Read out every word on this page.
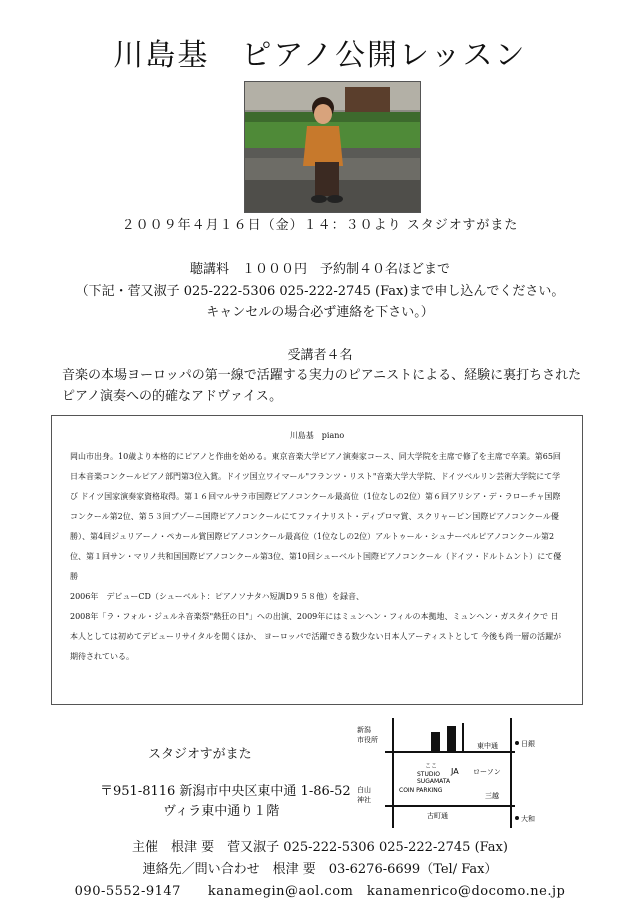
川島基　ピアノ公開レッスン
２００９年４月１６日（金）１４：３０より スタジオすがまた
聴講料　１０００円　予約制４０名ほどまで
（下記・菅又淑子 025-222-5306 025-222-2745 (Fax)まで申し込んでください。
キャンセルの場合必ず連絡を下さい。）
受講者４名
音楽の本場ヨーロッパの第一線で活躍する実力のピアニストによる、経験に裏打ちされたピアノ演奏への的確なアドヴァイス。
川島基　piano

岡山市出身。10歳より本格的にピアノと作曲を始める。東京音楽大学ピアノ演奏家コース、同大学院を主席で修了を主席で卒業。第65回日本音楽コンクールピアノ部門第3位入賞。ドイツ国立ワイマール"フランツ・リスト"音楽大学大学院、ドイツベルリン芸術大学院にて学び ドイツ国家演奏家資格取得。第１６回マルサラ市国際ピアノコンクール最高位（1位なしの2位）第６回アリシア・デ・ラローチャ国際コンクール第2位、第５３回ブゾーニ国際ピアノコンクールにてファイナリスト・ディプロマ賞、スクリャービン国際ピアノコンクール優勝）、第4回ジュリアーノ・ペカール賞国際ピアノコンクール最高位（1位なしの2位）アルトゥール・シュナーベルピアノコンクール第2位、第１回サン・マリノ共和国国際ピアノコンクール第3位、第10回シューベルト国際ピアノコンクール（ドイツ・ドルトムント）にて優勝

2006年　デビューCD（シューベルト：ピアノソナタハ短調D９５８他）を録音、

2008年「ラ・フォル・ジュルネ音楽祭"熱狂の日"」への出演、2009年にはミュンヘン・フィルの本拠地、ミュンヘン・ガスタイクで 日本人としては初めてデビューリサイタルを開くほか、 ヨーロッパで活躍できる数少ない日本人アーティストとして 今後も尚一層の活躍が期待されている。

スタジオすがまた
〒951-8116 新潟市中央区東中通 1-86-52
ヴィラ東中通り１階
新潟
市役所
東中通	日銀
ここ
STUDIO
SUGAMATA
JA ローソン
白山
神社
COIN PARKING
古町通
三越
大和
主催　根津 要　菅又淑子 025-222-5306 025-222-2745 (Fax)
連絡先／問い合わせ　根津 要　03-6276-6699（Tel/ Fax）
090-5552-9147　　kanamegin@aol.com　kanamenrico@docomo.ne.jp
